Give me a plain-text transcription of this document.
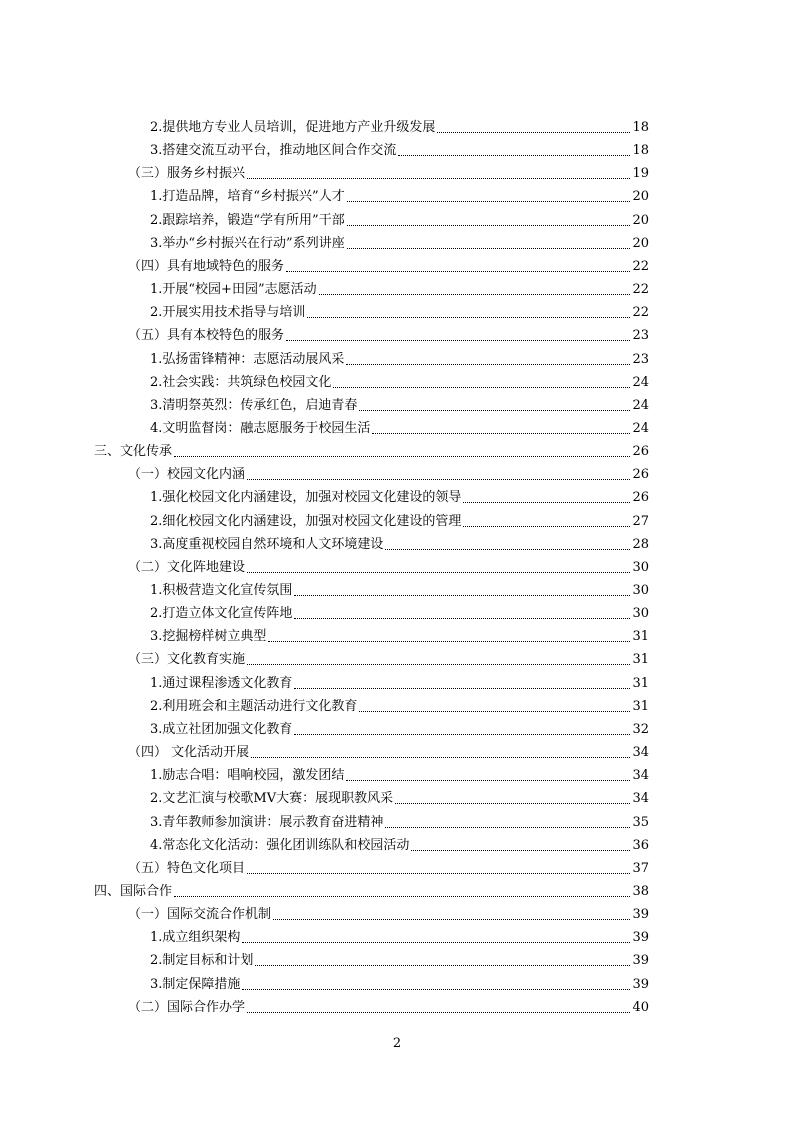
2.提供地方专业人员培训，促进地方产业升级发展	18
3.搭建交流互动平台，推动地区间合作交流	18
（三）服务乡村振兴	19
1.打造品牌，培育“乡村振兴”人才	20
2.跟踪培养，锻造“学有所用”干部	20
3.举办“乡村振兴在行动”系列讲座	20
（四）具有地域特色的服务	22
1.开展“校园+田园”志愿活动	22
2.开展实用技术指导与培训	22
（五）具有本校特色的服务	23
1.弘扬雷锋精神：志愿活动展风采	23
2.社会实践：共筑绿色校园文化	24
3.清明祭英烈：传承红色，启迪青春	24
4.文明监督岗：融志愿服务于校园生活	24
三、文化传承	26
（一）校园文化内涵	26
1.强化校园文化内涵建设，加强对校园文化建设的领导	26
2.细化校园文化内涵建设，加强对校园文化建设的管理	27
3.高度重视校园自然环境和人文环境建设	28
（二）文化阵地建设	30
1.积极营造文化宣传氛围	30
2.打造立体文化宣传阵地	30
3.挖掘榜样树立典型	31
（三）文化教育实施	31
1.通过课程渗透文化教育	31
2.利用班会和主题活动进行文化教育	31
3.成立社团加强文化教育	32
（四） 文化活动开展	34
1.励志合唱：唱响校园，激发团结	34
2.文艺汇演与校歌MV大赛：展现职教风采	34
3.青年教师参加演讲：展示教育奋进精神	35
4.常态化文化活动：强化团训练队和校园活动	36
（五）特色文化项目	37
四、国际合作	38
（一）国际交流合作机制	39
1.成立组织架构	39
2.制定目标和计划	39
3.制定保障措施	39
（二）国际合作办学	40
2
